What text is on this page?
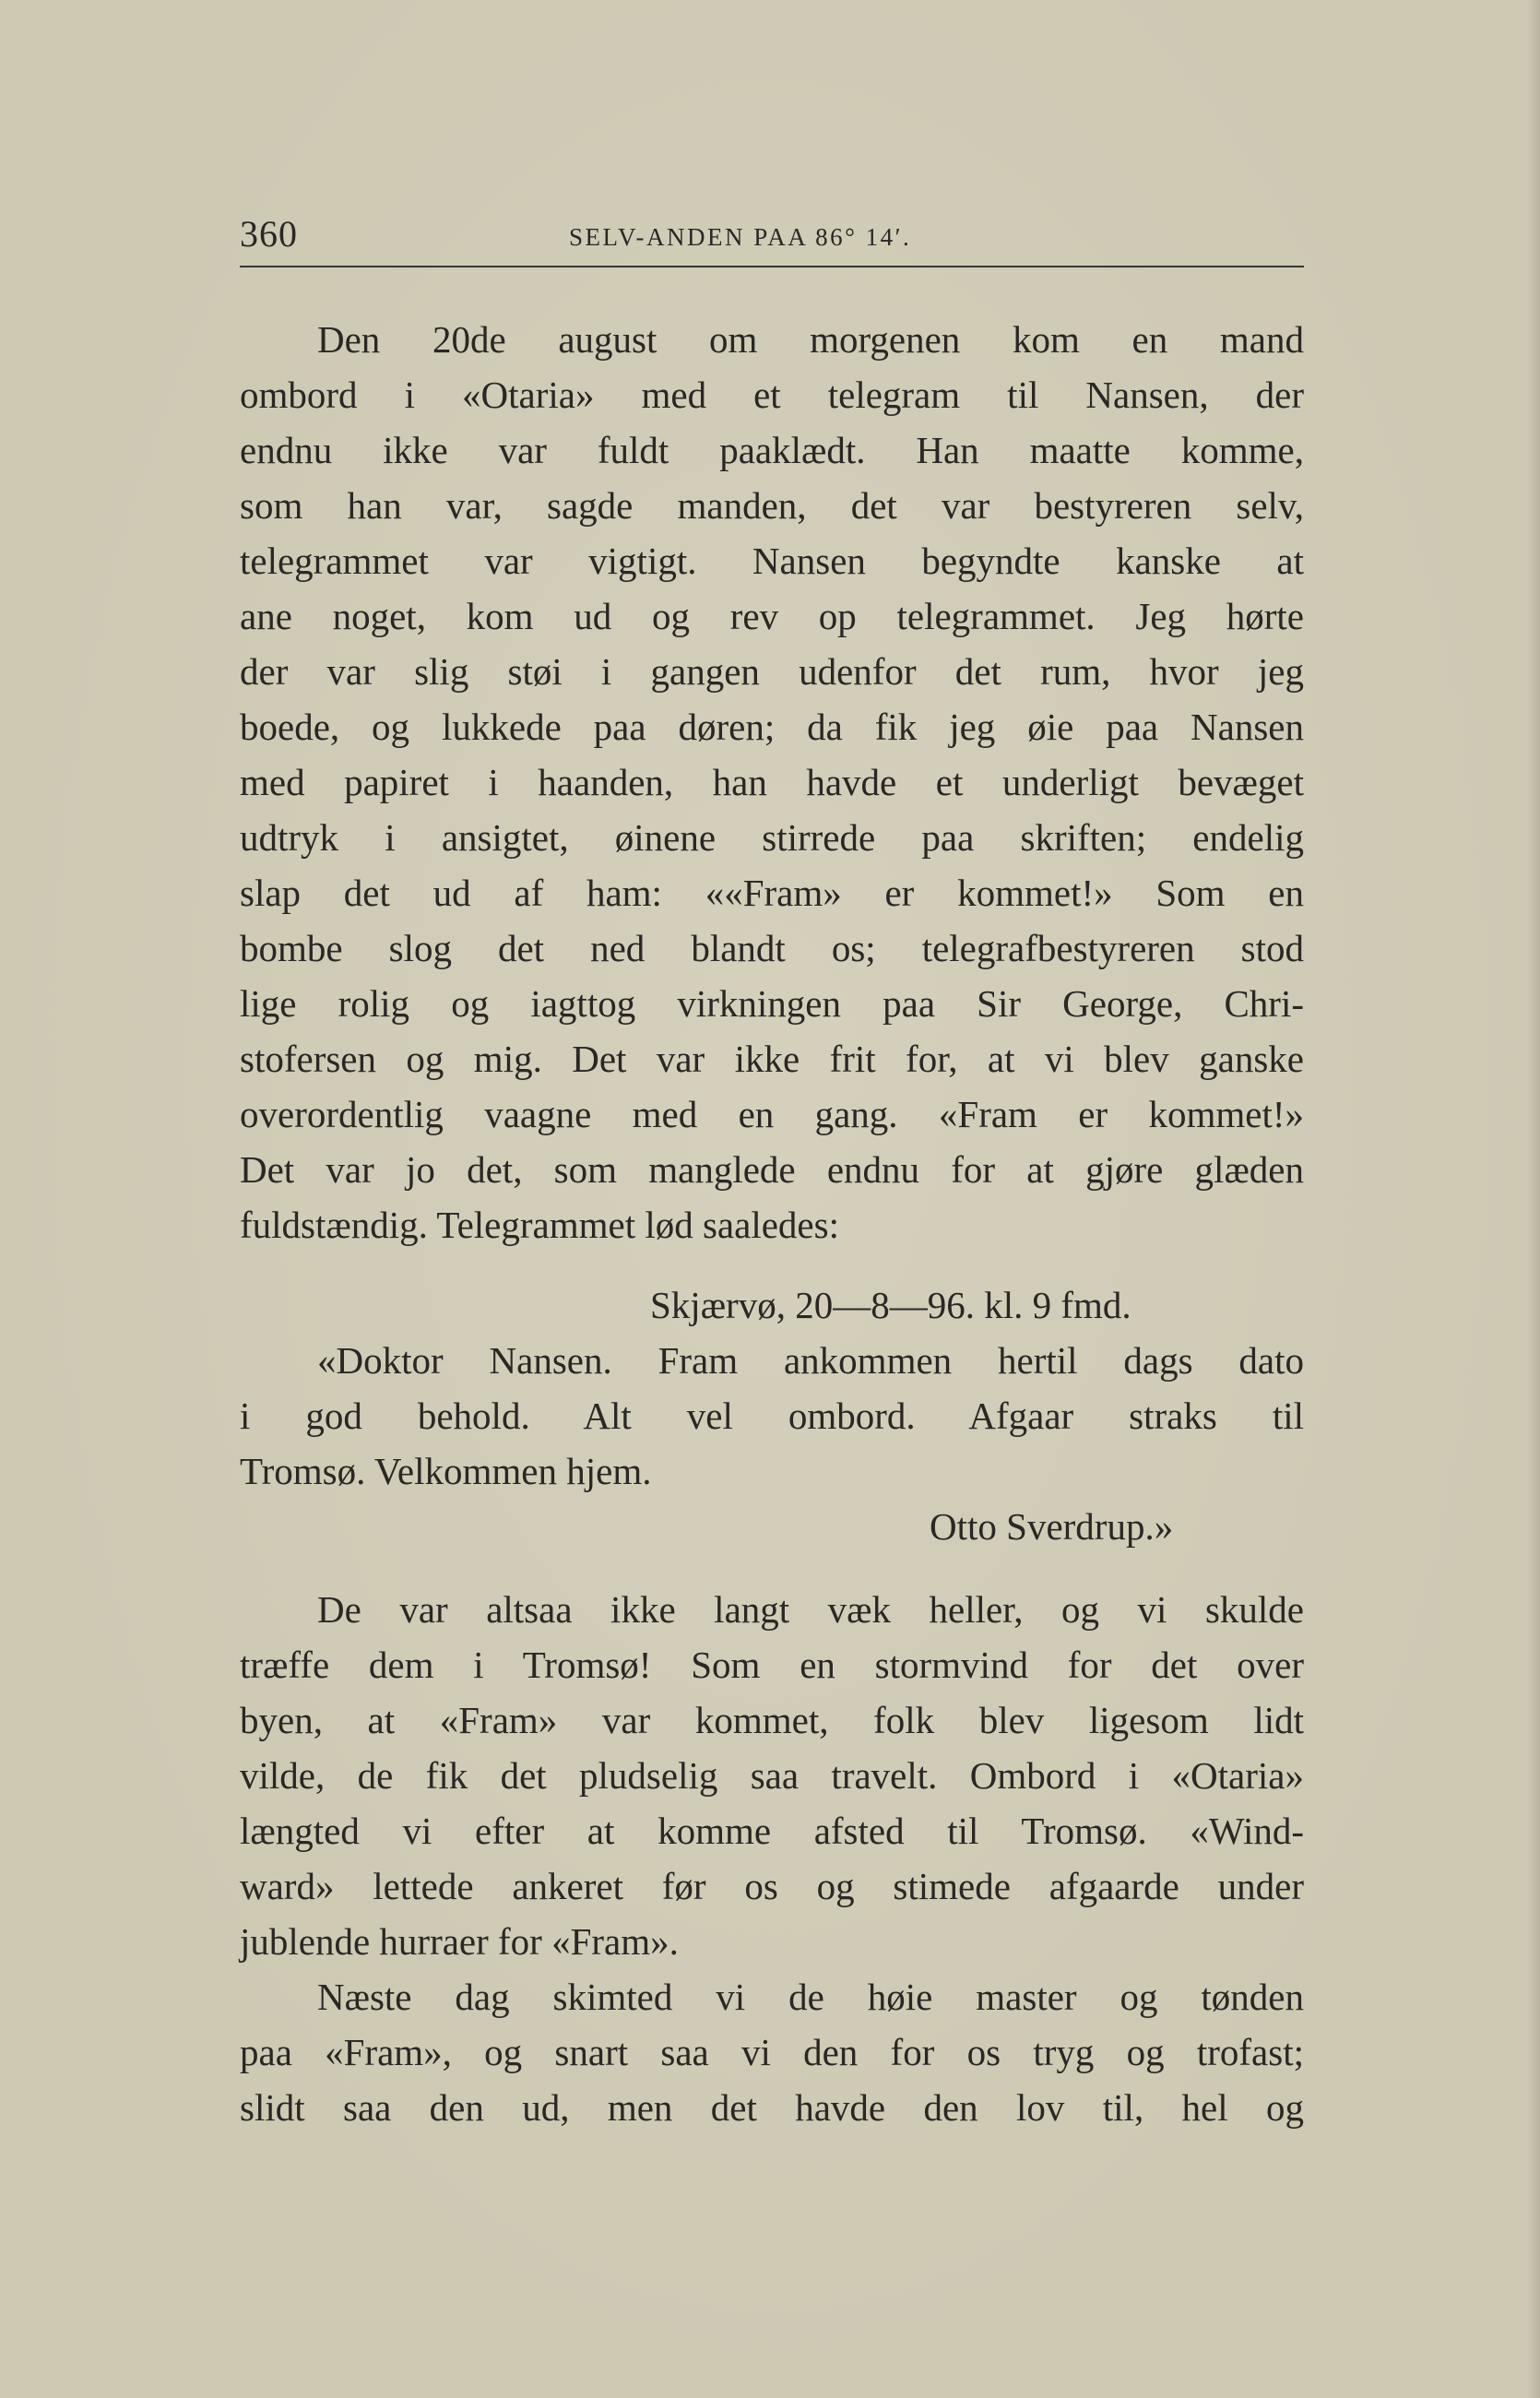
360	SELV-ANDEN PAA 86° 14′.
Den 20de august om morgenen kom en mand
ombord i «Otaria» med et telegram til Nansen, der
endnu ikke var fuldt paaklædt. Han maatte komme,
som han var, sagde manden, det var bestyreren selv,
telegrammet var vigtigt. Nansen begyndte kanske at
ane noget, kom ud og rev op telegrammet. Jeg hørte
der var slig støi i gangen udenfor det rum, hvor jeg
boede, og lukkede paa døren; da fik jeg øie paa Nansen
med papiret i haanden, han havde et underligt bevæget
udtryk i ansigtet, øinene stirrede paa skriften; endelig
slap det ud af ham: ««Fram» er kommet!» Som en
bombe slog det ned blandt os; telegrafbestyreren stod
lige rolig og iagttog virkningen paa Sir George, Chri-
stofersen og mig. Det var ikke frit for, at vi blev ganske
overordentlig vaagne med en gang. «Fram er kommet!»
Det var jo det, som manglede endnu for at gjøre glæden
fuldstændig. Telegrammet lød saaledes:
Skjærvø, 20—8—96. kl. 9 fmd.
«Doktor Nansen. Fram ankommen hertil dags dato
i god behold. Alt vel ombord. Afgaar straks til
Tromsø. Velkommen hjem.
Otto Sverdrup.»
De var altsaa ikke langt væk heller, og vi skulde
træffe dem i Tromsø! Som en stormvind for det over
byen, at «Fram» var kommet, folk blev ligesom lidt
vilde, de fik det pludselig saa travelt. Ombord i «Otaria»
længted vi efter at komme afsted til Tromsø. «Wind-
ward» lettede ankeret før os og stimede afgaarde under
jublende hurraer for «Fram».
Næste dag skimted vi de høie master og tønden
paa «Fram», og snart saa vi den for os tryg og trofast;
slidt saa den ud, men det havde den lov til, hel og
